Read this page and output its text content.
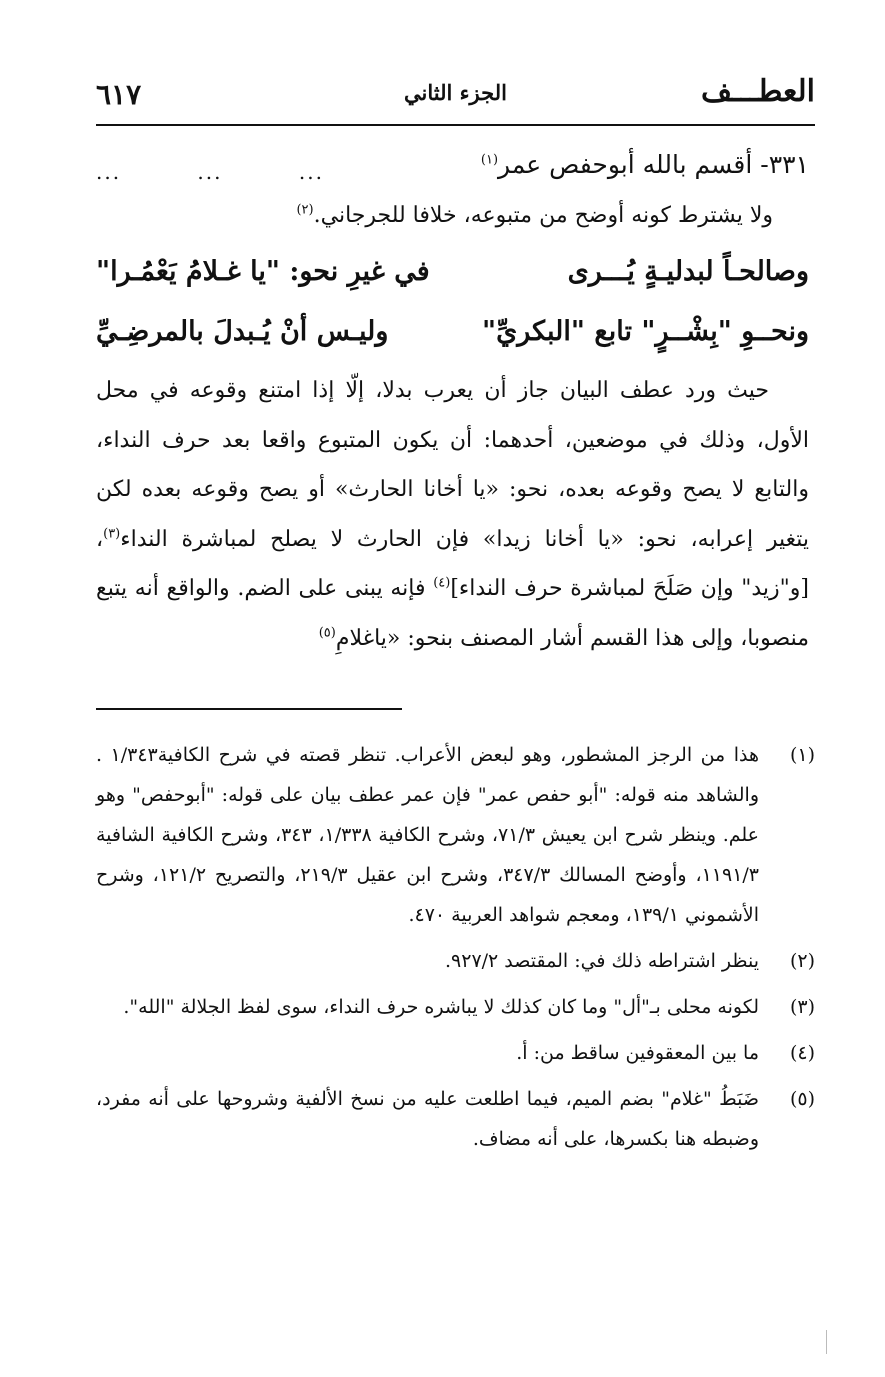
العطـــف
الجزء الثاني
٦١٧
٣٣١- أقسم بالله أبوحفص عمر$^{(١)}$
... ... ...
ولا يشترط كونه أوضح من متبوعه، خلافا للجرجاني.$^{(٢)}$
وصالحـاً لبدليـةٍ يُـــرى
في غيرِ نحو: "يا غـلامُ يَعْمُـرا"
ونحــوِ "بِشْــرٍ" تابع "البكريِّ"
وليـس أنْ يُـبدلَ بالمرضِـيِّ

حيث ورد عطف البيان جاز أن يعرب بدلا، إلّا إذا امتنع وقوعه في محل الأول، وذلك في موضعين، أحدهما: أن يكون المتبوع واقعا بعد حرف النداء، والتابع لا يصح وقوعه بعده، نحو: «يا أخانا الحارث» أو يصح وقوعه بعده لكن يتغير إعرابه، نحو: «يا أخانا زيدا» فإن الحارث لا يصلح لمباشرة النداء$^{(٣)}$، [و"زيد" وإن صَلَحَ لمباشرة حرف النداء]$^{(٤)}$ فإنه يبنى على الضم. والواقع أنه يتبع منصوبا، وإلى هذا القسم أشار المصنف بنحو: «ياغلامِ$^{(٥)}$

(١)
هذا من الرجز المشطور، وهو لبعض الأعراب. تنظر قصته في شرح الكافية١/٣٤٣ . والشاهد منه قوله: "أبو حفص عمر" فإن عمر عطف بيان على قوله: "أبوحفص" وهو علم. وينظر شرح ابن يعيش ٧١/٣، وشرح الكافية ١/٣٣٨، ٣٤٣، وشرح الكافية الشافية ١١٩١/٣، وأوضح المسالك ٣٤٧/٣، وشرح ابن عقيل ٢١٩/٣، والتصريح ١٢١/٢، وشرح الأشموني ١٣٩/١، ومعجم شواهد العربية ٤٧٠.
(٢)
ينظر اشتراطه ذلك في: المقتصد ٩٢٧/٢.
(٣)
لكونه محلى بـ"أل" وما كان كذلك لا يباشره حرف النداء، سوى لفظ الجلالة "الله".
(٤)
ما بين المعقوفين ساقط من: أ.
(٥)
ضَبَطُ "غلام" بضم الميم، فيما اطلعت عليه من نسخ الألفية وشروحها على أنه مفرد، وضبطه هنا بكسرها، على أنه مضاف.
